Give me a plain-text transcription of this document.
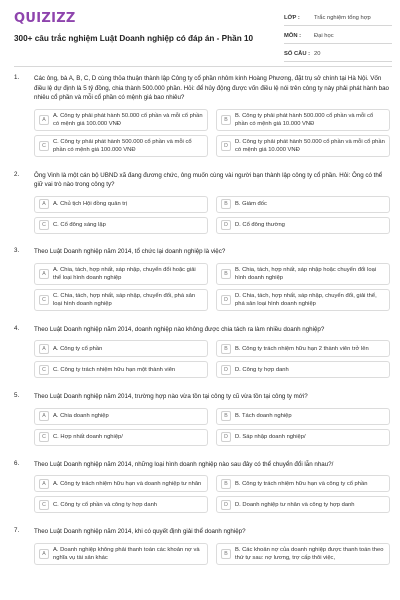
QUIZIZZ
300+ câu trắc nghiệm Luật Doanh nghiệp có đáp án - Phần 10
LỚP :	Trắc nghiệm tổng hợp
MÔN :	Đại học
SỐ CÂU : 20
1. Các ông, bà A, B, C, D cùng thỏa thuận thành lập Công ty cổ phần nhôm kính Hoàng Phương, đặt trụ sở chính tại Hà Nội. Vốn điều lệ dự định là 5 tỷ đồng, chia thành 500.000 phần. Hỏi: để hủy động được vốn điều lệ nói trên công ty này phải phát hành bao nhiêu cổ phần và mỗi cổ phần có mệnh giá bao nhiêu?
A
A. Công ty phải phát hành 50.000 cổ phần và mỗi cổ phần có mệnh giá 100.000 VNĐ
B
B. Công ty phải phát hành 500.000 cổ phần và mỗi cổ phần có mệnh giá 10.000 VNĐ
C
C. Công ty phải phát hành 500.000 cổ phần và mỗi cổ phần có mệnh giá 100.000 VNĐ
D
D. Công ty phải phát hành 50.000 cổ phần và mỗi cổ phần có mệnh giá 10.000 VNĐ
2. Ông Vinh là một cán bộ UBND xã đang đương chức, ông muốn cùng vài người bạn thành lập công ty cổ phần. Hỏi: Ông có thể giữ vai trò nào trong công ty?
A	A. Chủ tịch Hội đồng quản trị	B	B. Giám đốc
C	C. Cổ đông sáng lập	D	D. Cổ đông thường
3. Theo Luật Doanh nghiệp năm 2014, tổ chức lại doanh nghiệp là việc?
A
A. Chia, tách, hợp nhất, sáp nhập, chuyển đổi hoặc giải thể loại hình doanh nghiệp
B
B. Chia, tách, hợp nhất, sáp nhập hoặc chuyển đổi loại hình doanh nghiệp
C
C. Chia, tách, hợp nhất, sáp nhập, chuyển đổi, phá sản loại hình doanh nghiệp
D
D. Chia, tách, hợp nhất, sáp nhập, chuyển đổi, giải thể, phá sản loại hình doanh nghiệp
4. Theo Luật Doanh nghiệp năm 2014, doanh nghiệp nào không được chia tách ra làm nhiều doanh nghiệp?
A	A. Công ty cổ phần	B	B. Công ty trách nhiệm hữu hạn 2 thành viên trở lên
C	C. Công ty trách nhiệm hữu hạn một thành viên	D	D. Công ty hợp danh
5. Theo Luật Doanh nghiệp năm 2014, trường hợp nào vừa tồn tại công ty cũ vừa tồn tại công ty mới?
A	A. Chia doanh nghiệp	B	B. Tách doanh nghiệp
C	C. Hợp nhất doanh nghiệp/	D	D. Sáp nhập doanh nghiệp/
6. Theo Luật Doanh nghiệp năm 2014, những loại hình doanh nghiệp nào sau đây có thể chuyển đổi lẫn nhau?/
A	A. Công ty trách nhiệm hữu hạn và doanh nghiệp tư nhân	B	B. Công ty trách nhiệm hữu hạn và công ty cổ phần
C	C. Công ty cổ phần và công ty hợp danh	D	D. Doanh nghiệp tư nhân và công ty hợp danh
7. Theo Luật Doanh nghiệp năm 2014, khi có quyết định giải thể doanh nghiệp?
A
A. Doanh nghiệp không phải thanh toán các khoản nợ và nghĩa vụ tài sản khác
B
B. Các khoản nợ của doanh nghiệp được thanh toán theo thứ tự sau: nợ lương, trợ cấp thôi việc,
